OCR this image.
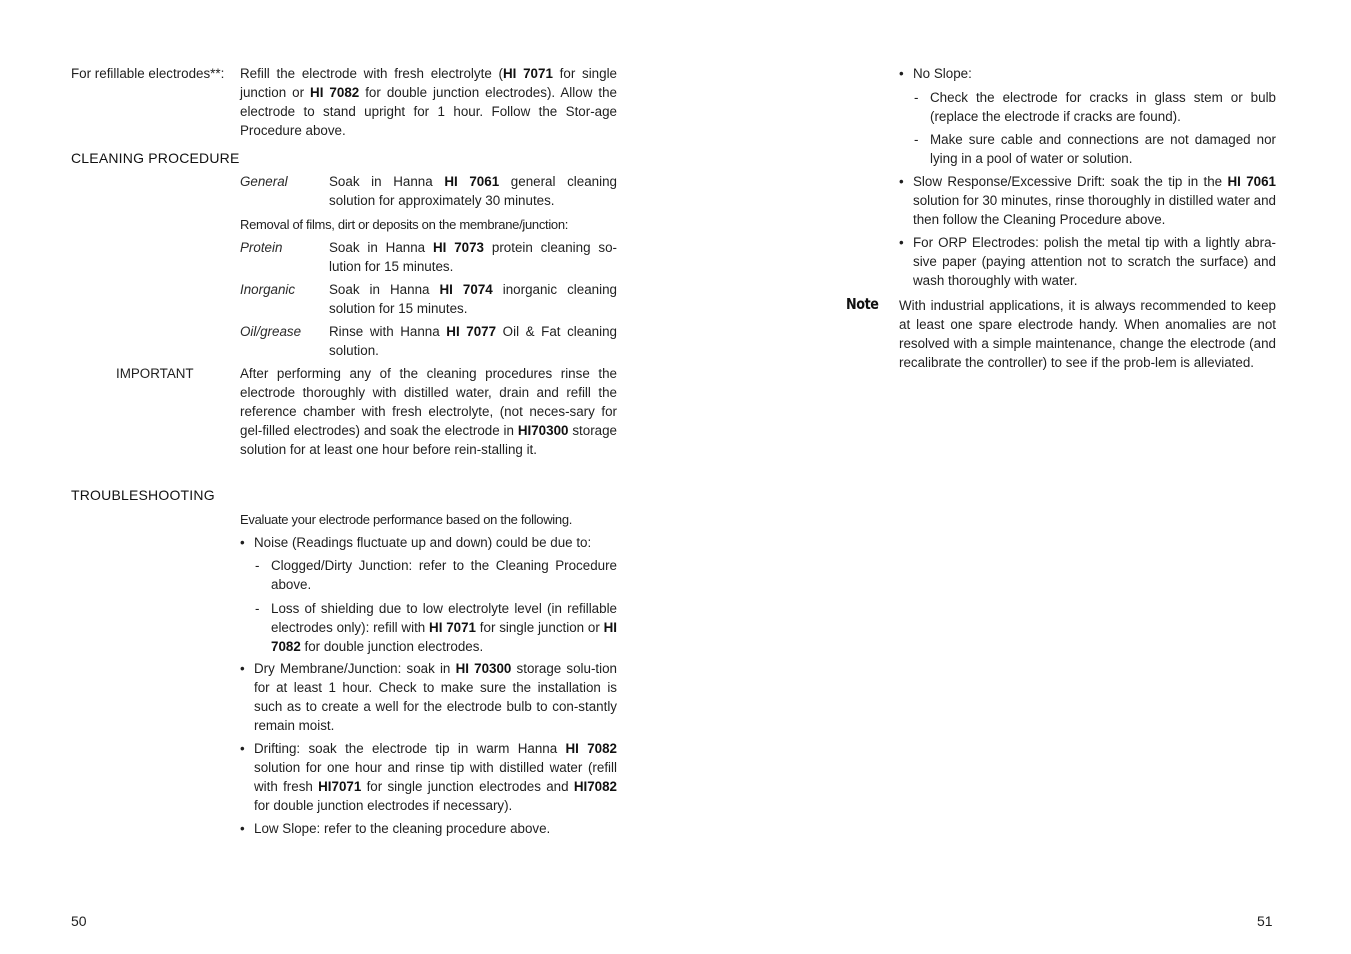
For refillable electrodes**:	Refill the electrode with fresh electrolyte (HI 7071 for single junction or HI 7082 for double junction electrodes). Allow the electrode to stand upright for 1 hour. Follow the Stor-age Procedure above.
CLEANING PROCEDURE
General	Soak in Hanna HI 7061 general cleaning solution for approximately 30 minutes.
Removal of films, dirt or deposits on the membrane/junction:
Protein	Soak in Hanna HI 7073 protein cleaning so-lution for 15 minutes.
Inorganic	Soak in Hanna HI 7074 inorganic cleaning solution for 15 minutes.
Oil/grease Rinse with Hanna HI 7077 Oil & Fat cleaning solution.
IMPORTANT	After performing any of the cleaning procedures rinse the electrode thoroughly with distilled water, drain and refill the reference chamber with fresh electrolyte, (not neces-sary for gel-filled electrodes) and soak the electrode in HI70300 storage solution for at least one hour before rein-stalling it.
TROUBLESHOOTING
Evaluate your electrode performance based on the following.
• Noise (Readings fluctuate up and down) could be due to:
- Clogged/Dirty Junction: refer to the Cleaning Procedure above.
- Loss of shielding due to low electrolyte level (in refillable electrodes only): refill with HI 7071 for single junction or HI 7082 for double junction electrodes.
• Dry Membrane/Junction: soak in HI 70300 storage solu-tion for at least 1 hour. Check to make sure the installation is such as to create a well for the electrode bulb to con-stantly remain moist.
• Drifting: soak the electrode tip in warm Hanna HI 7082 solution for one hour and rinse tip with distilled water (refill with fresh HI7071 for single junction electrodes and HI7082 for double junction electrodes if necessary).
• Low Slope: refer to the cleaning procedure above.
50
• No Slope:
- Check the electrode for cracks in glass stem or bulb (replace the electrode if cracks are found).
- Make sure cable and connections are not damaged nor lying in a pool of water or solution.
• Slow Response/Excessive Drift: soak the tip in the HI 7061 solution for 30 minutes, rinse thoroughly in distilled water and then follow the Cleaning Procedure above.
• For ORP Electrodes: polish the metal tip with a lightly abra-sive paper (paying attention not to scratch the surface) and wash thoroughly with water.
Note With industrial applications, it is always recommended to keep at least one spare electrode handy. When anomalies are not resolved with a simple maintenance, change the electrode (and recalibrate the controller) to see if the prob-lem is alleviated.
51
